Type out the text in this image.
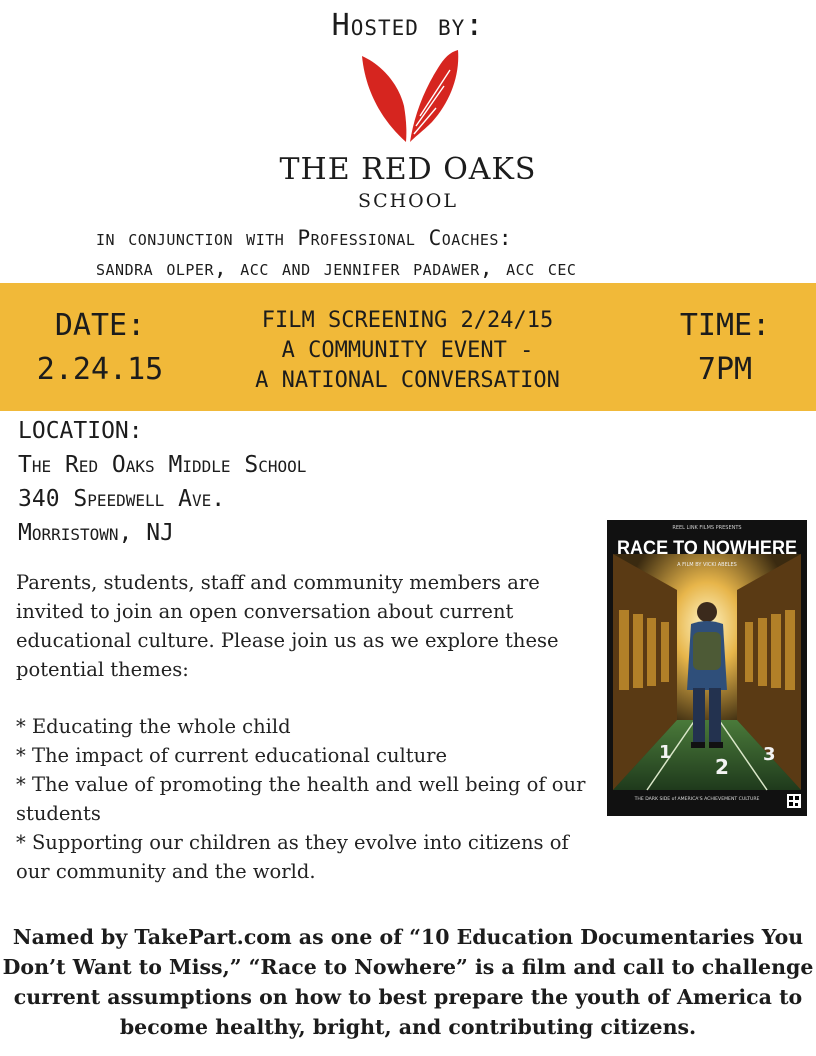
Hosted by:
THE RED OAKS
SCHOOL
in conjunction with Professional Coaches:
sandra olper, acc and jennifer padawer, acc cec
DATE:
2.24.15
FILM SCREENING 2/24/15
A COMMUNITY EVENT -
A NATIONAL CONVERSATION
TIME:
7PM
LOCATION:
The Red Oaks Middle School
340 Speedwell Ave.
Morristown, NJ
Parents, students, staff and community members are invited to join an open conversation about current educational culture. Please join us as we explore these potential themes:
* Educating the whole child
* The impact of current educational culture
* The value of promoting the health and well being of our students
* Supporting our children as they evolve into citizens of our community and the world.
REEL LINK FILMS PRESENTS
RACE TO NOWHERE
A FILM BY VICKI ABELES
1
2
3
THE DARK SIDE of AMERICA'S ACHIEVEMENT CULTURE
Named by TakePart.com as one of “10 Education Documentaries You Don’t Want to Miss,” “Race to Nowhere” is a film and call to challenge current assumptions on how to best prepare the youth of America to become healthy, bright, and contributing citizens.
